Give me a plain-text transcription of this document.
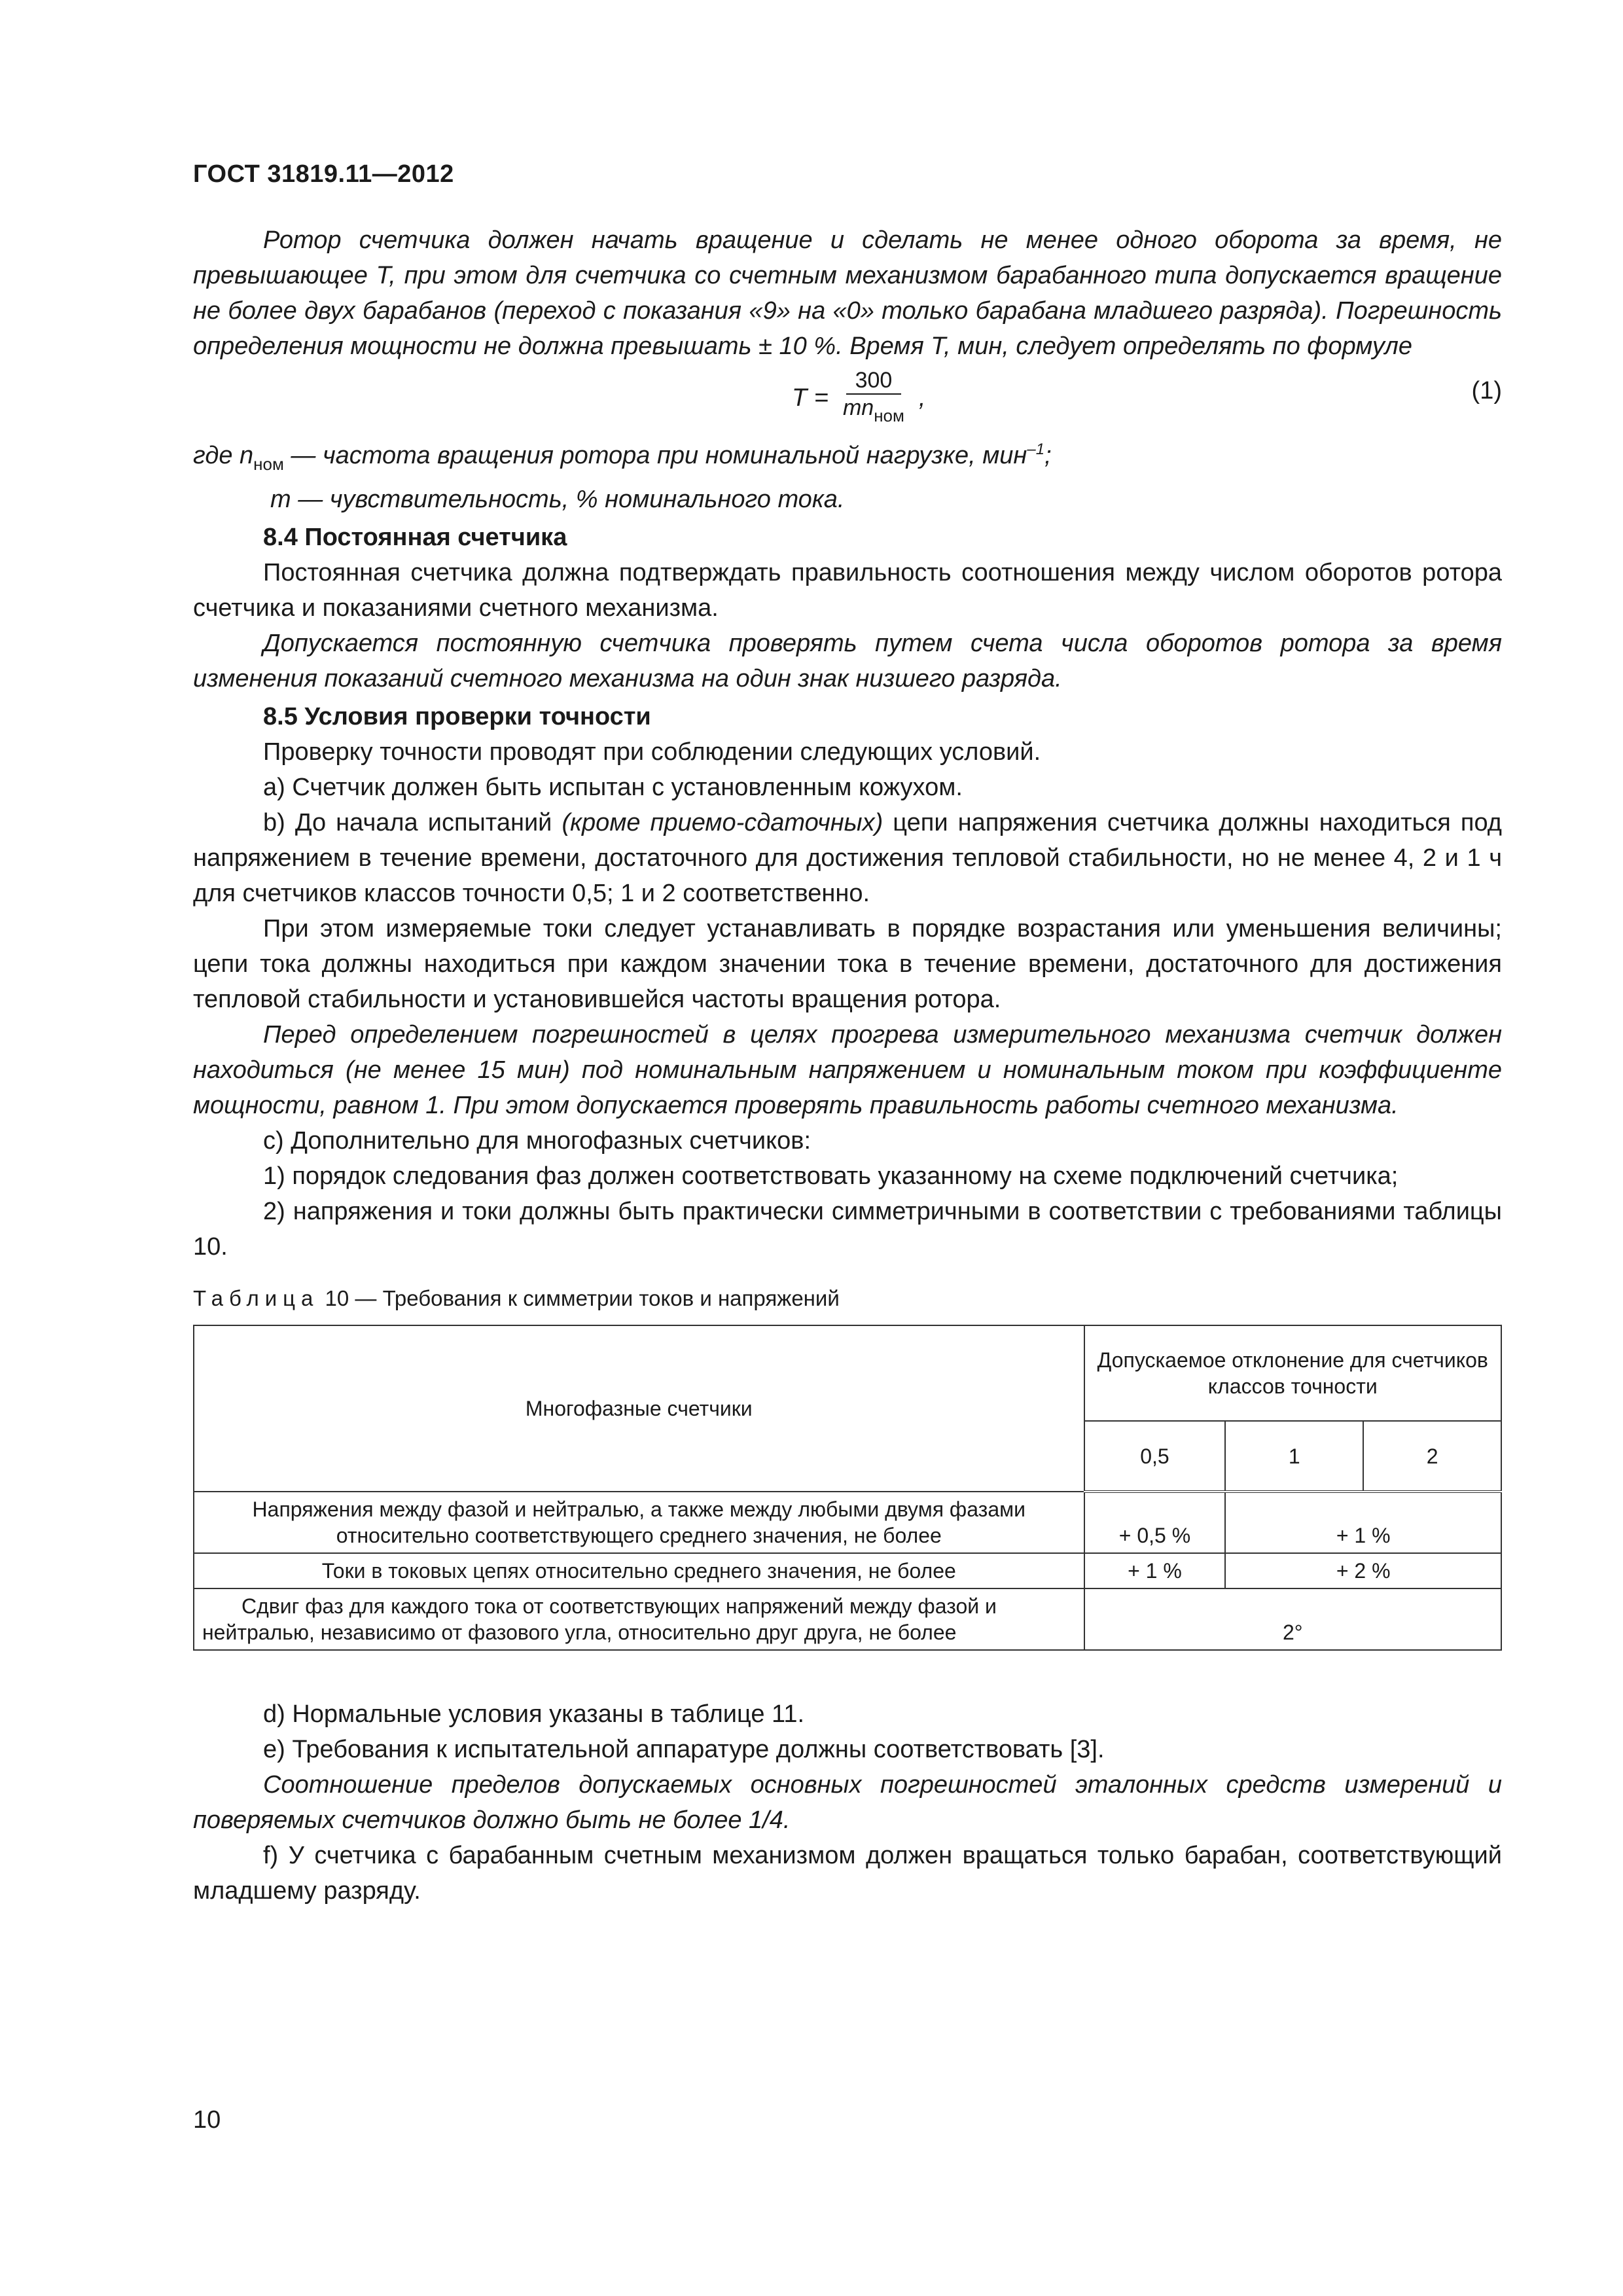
ГОСТ 31819.11—2012

Ротор счетчика должен начать вращение и сделать не менее одного оборота за время, не превышающее T, при этом для счетчика со счетным механизмом барабанного типа допускается вращение не более двух барабанов (переход с показания «9» на «0» только барабана младшего разряда). Погрешность определения мощности не должна превышать ± 10 %. Время T, мин, следует определять по формуле

$T = \frac{300}{mn_{ном}}$ ,	(1)

где $n_{ном}$ — частота вращения ротора при номинальной нагрузке, мин$^{-1}$;

m — чувствительность, % номинального тока.

8.4 Постоянная счетчика

Постоянная счетчика должна подтверждать правильность соотношения между числом оборотов ротора счетчика и показаниями счетного механизма.

Допускается постоянную счетчика проверять путем счета числа оборотов ротора за время изменения показаний счетного механизма на один знак низшего разряда.

8.5 Условия проверки точности

Проверку точности проводят при соблюдении следующих условий.

a) Счетчик должен быть испытан с установленным кожухом.

b) До начала испытаний (кроме приемо-сдаточных) цепи напряжения счетчика должны находиться под напряжением в течение времени, достаточного для достижения тепловой стабильности, но не менее 4, 2 и 1 ч для счетчиков классов точности 0,5; 1 и 2 соответственно.

При этом измеряемые токи следует устанавливать в порядке возрастания или уменьшения величины; цепи тока должны находиться при каждом значении тока в течение времени, достаточного для достижения тепловой стабильности и установившейся частоты вращения ротора.

Перед определением погрешностей в целях прогрева измерительного механизма счетчик должен находиться (не менее 15 мин) под номинальным напряжением и номинальным током при коэффициенте мощности, равном 1. При этом допускается проверять правильность работы счетного механизма.

c) Дополнительно для многофазных счетчиков:

1) порядок следования фаз должен соответствовать указанному на схеме подключений счетчика;

2) напряжения и токи должны быть практически симметричными в соответствии с требованиями таблицы 10.

Таблица 10 — Требования к симметрии токов и напряжений

Многофазные счетчики	Допускаемое отклонение для счетчиков классов точности		
	0,5	1	2
Напряжения между фазой и нейтралью, а также между любыми двумя фазами относительно соответствующего среднего значения, не более	+ 0,5 %	+ 1 %	
Токи в токовых цепях относительно среднего значения, не более	+ 1 %	+ 2 %	
Сдвиг фаз для каждого тока от соответствующих напряжений между фазой и нейтралью, независимо от фазового угла, относительно друг друга, не более	2°		

d) Нормальные условия указаны в таблице 11.

e) Требования к испытательной аппаратуре должны соответствовать [3].

Соотношение пределов допускаемых основных погрешностей эталонных средств измерений и поверяемых счетчиков должно быть не более 1/4.

f) У счетчика с барабанным счетным механизмом должен вращаться только барабан, соответствующий младшему разряду.

10
